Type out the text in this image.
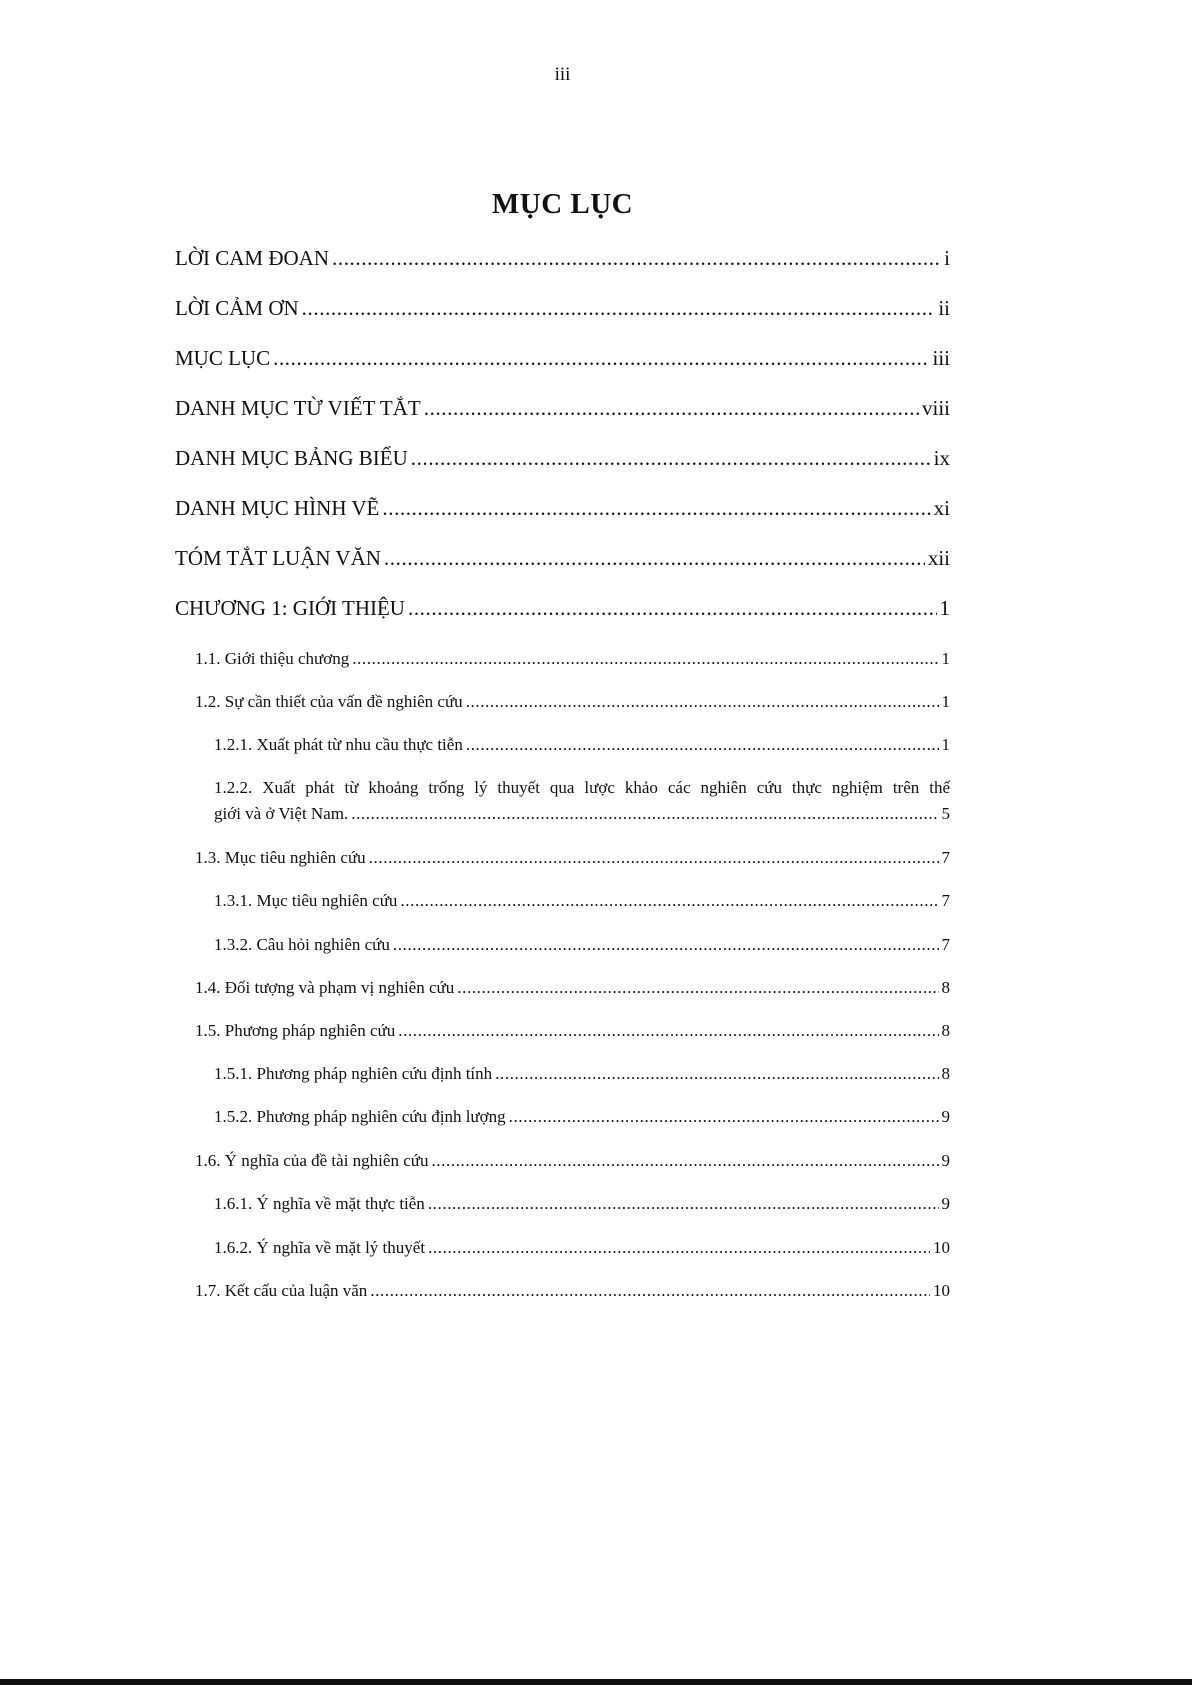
iii
MỤC LỤC
LỜI CAM ĐOAN .....	i
LỜI CẢM ƠN .....	ii
MỤC LỤC .....	iii
DANH MỤC TỪ VIẾT TẮT .....	viii
DANH MỤC BẢNG BIỂU .....	ix
DANH MỤC HÌNH VẼ .....	xi
TÓM TẮT LUẬN VĂN .....	xii
CHƯƠNG 1: GIỚI THIỆU .....	1
1.1. Giới thiệu chương .....	1
1.2. Sự cần thiết của vấn đề nghiên cứu .....	1
1.2.1. Xuất phát từ nhu cầu thực tiễn .....	1
1.2.2. Xuất phát từ khoảng trống lý thuyết qua lược khảo các nghiên cứu thực nghiệm trên thế
giới và ở Việt Nam. .....	5
1.3. Mục tiêu nghiên cứu .....	7
1.3.1. Mục tiêu nghiên cứu .....	7
1.3.2. Câu hỏi nghiên cứu .....	7
1.4. Đối tượng và phạm vị nghiên cứu .....	8
1.5. Phương pháp nghiên cứu .....	8
1.5.1. Phương pháp nghiên cứu định tính .....	8
1.5.2. Phương pháp nghiên cứu định lượng .....	9
1.6. Ý nghĩa của đề tài nghiên cứu .....	9
1.6.1. Ý nghĩa về mặt thực tiễn .....	9
1.6.2. Ý nghĩa về mặt lý thuyết .....	10
1.7. Kết cấu của luận văn .....	10
